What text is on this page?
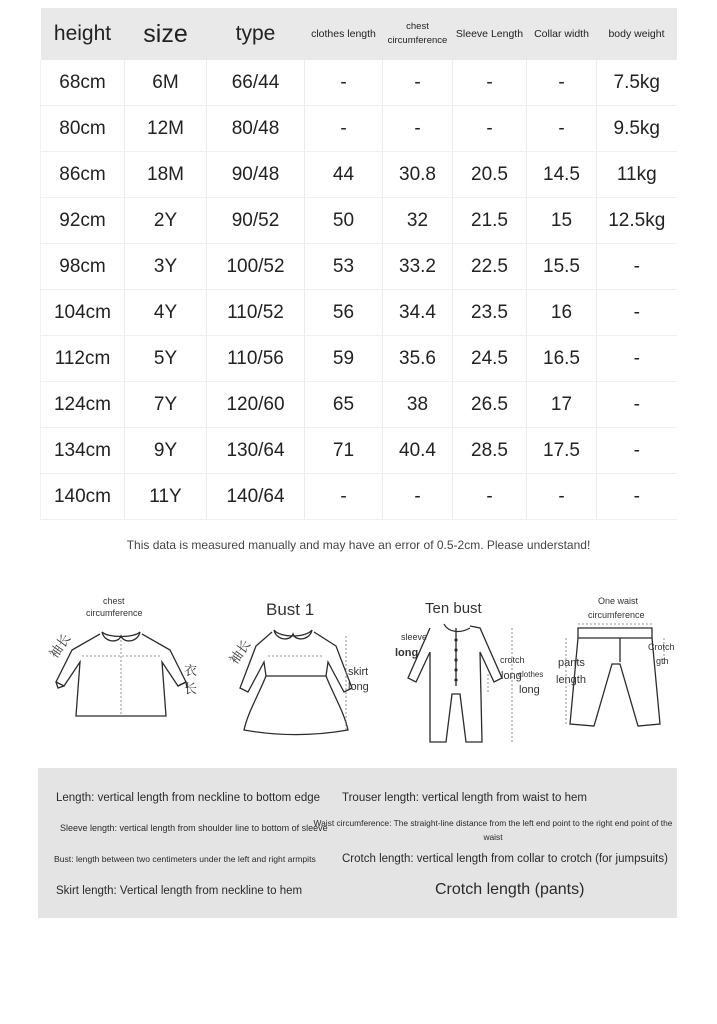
height	size	type	clothes length	chest circumference	Sleeve Length	Collar width	body weight
68cm	6M	66/44	-	-	-	-	7.5kg
80cm	12M	80/48	-	-	-	-	9.5kg
86cm	18M	90/48	44	30.8	20.5	14.5	11kg
92cm	2Y	90/52	50	32	21.5	15	12.5kg
98cm	3Y	100/52	53	33.2	22.5	15.5	-
104cm	4Y	110/52	56	34.4	23.5	16	-
112cm	5Y	110/56	59	35.6	24.5	16.5	-
124cm	7Y	120/60	65	38	26.5	17	-
134cm	9Y	130/64	71	40.4	28.5	17.5	-
140cm	11Y	140/64	-	-	-	-	-
This data is measured manually and may have an error of 0.5-2cm. Please understand!
chest
circumference
袖长
衣
长
Bust 1
袖长
skirt
long
Ten bust
sleeve
long
crotch
clothes
long
long
One waist
circumference
pants
length
Crotch
gth
Length: vertical length from neckline to bottom edge
Sleeve length: vertical length from shoulder line to bottom of sleeve
Bust: length between two centimeters under the left and right armpits
Skirt length: Vertical length from neckline to hem
Trouser length: vertical length from waist to hem
Waist circumference: The straight-line distance from the left end point to the right end point of the waist
Crotch length: vertical length from collar to crotch (for jumpsuits)
Crotch length (pants)
